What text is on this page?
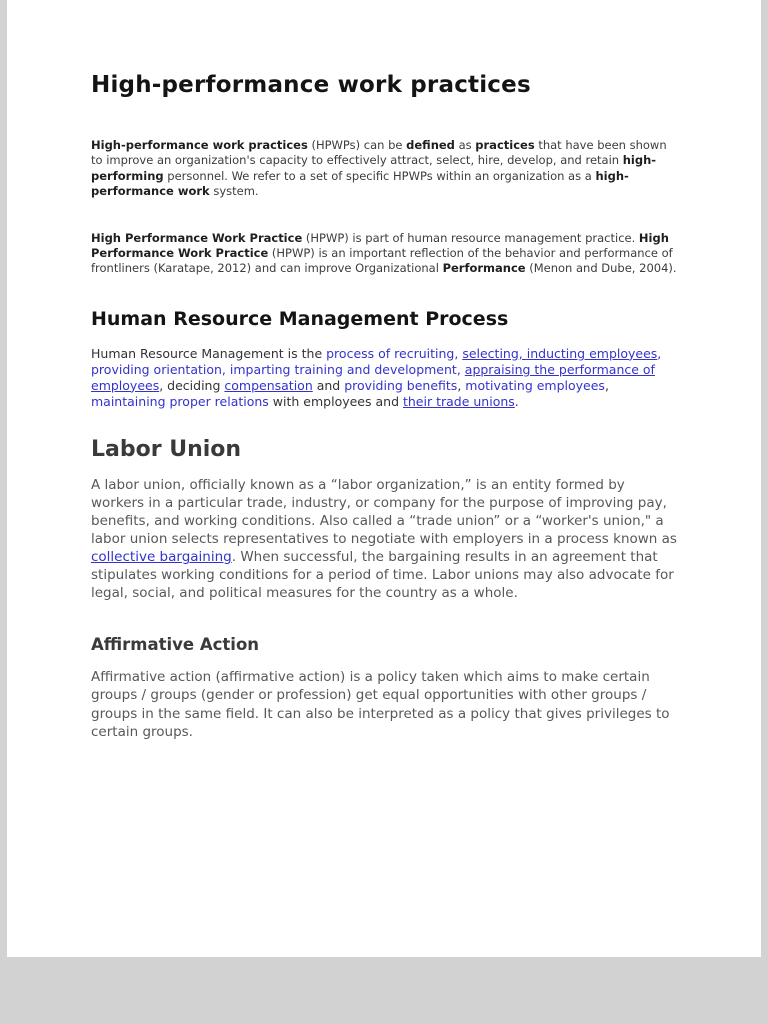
High-performance work practices

High-performance work practices (HPWPs) can be defined as practices that have been shown to improve an organization's capacity to effectively attract, select, hire, develop, and retain high-performing personnel. We refer to a set of specific HPWPs within an organization as a high-performance work system.

High Performance Work Practice (HPWP) is part of human resource management practice. High Performance Work Practice (HPWP) is an important reflection of the behavior and performance of frontliners (Karatape, 2012) and can improve Organizational Performance (Menon and Dube, 2004).

Human Resource Management Process

Human Resource Management is the process of recruiting, selecting, inducting employees, providing orientation, imparting training and development, appraising the performance of employees, deciding compensation and providing benefits, motivating employees, maintaining proper relations with employees and their trade unions.

Labor Union

A labor union, officially known as a “labor organization,” is an entity formed by workers in a particular trade, industry, or company for the purpose of improving pay, benefits, and working conditions. Also called a “trade union” or a “worker's union," a labor union selects representatives to negotiate with employers in a process known as collective bargaining. When successful, the bargaining results in an agreement that stipulates working conditions for a period of time. Labor unions may also advocate for legal, social, and political measures for the country as a whole.

Affirmative Action

Affirmative action (affirmative action) is a policy taken which aims to make certain groups / groups (gender or profession) get equal opportunities with other groups / groups in the same field. It can also be interpreted as a policy that gives privileges to certain groups.
